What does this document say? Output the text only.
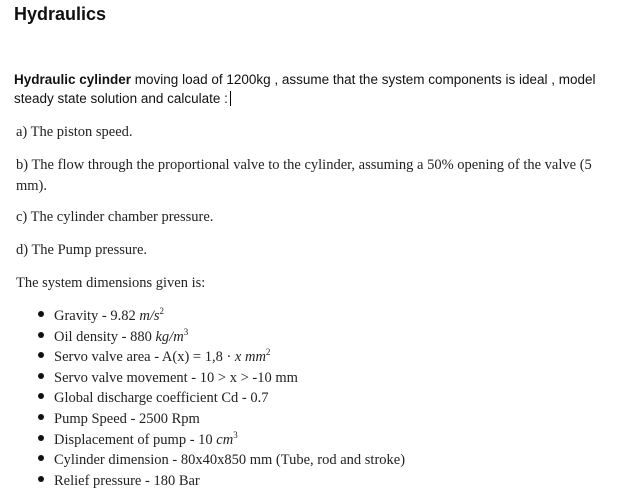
Hydraulics
Hydraulic cylinder moving load of 1200kg , assume that the system components is ideal , model steady state solution and calculate :
a) The piston speed.
b) The flow through the proportional valve to the cylinder, assuming a 50% opening of the valve (5 mm).
c) The cylinder chamber pressure.
d) The Pump pressure.
The system dimensions given is:
Gravity - 9.82 $m/s^2$
Oil density - 880 $kg/m^3$
Servo valve area - A(x) = 1,8 · x $mm^2$
Servo valve movement - 10 > x > -10 mm
Global discharge coefficient Cd - 0.7
Pump Speed - 2500 Rpm
Displacement of pump - 10 $cm^3$
Cylinder dimension - 80x40x850 mm (Tube, rod and stroke)
Relief pressure - 180 Bar
